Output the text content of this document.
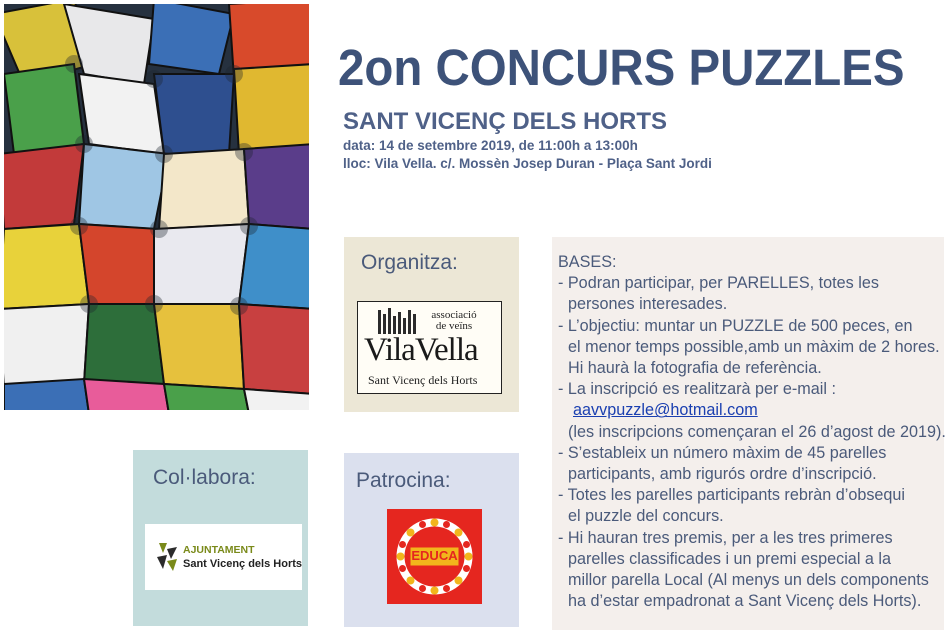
2on CONCURS PUZZLES
SANT VICENÇ DELS HORTS
data: 14 de setembre 2019, de 11:00h a 13:00h
lloc: Vila Vella. c/. Mossèn Josep Duran - Plaça Sant Jordi
Organitza:
associació
de veïns
VilaVella
Sant Vicenç dels Horts
Col·labora:
AJUNTAMENT
Sant Vicenç dels Horts
Patrocina:
EDUCA
BASES:
- Podran participar, per PARELLES, totes les
persones interesades.
- L’objectiu: muntar un PUZZLE de 500 peces, en
el menor temps possible,amb un màxim de 2 hores.
Hi haurà la fotografia de referència.
- La inscripció es realitzarà per e-mail :
aavvpuzzle@hotmail.com
(les inscripcions començaran el 26 d’agost de 2019).
- S’estableix un número màxim de 45 parelles
participants, amb rigurós ordre d’inscripció.
- Totes les parelles participants rebràn d’obsequi
el puzzle del concurs.
- Hi hauran tres premis, per a les tres primeres
parelles classificades i un premi especial a la
millor parella Local (Al menys un dels components
ha d’estar empadronat a Sant Vicenç dels Horts).
